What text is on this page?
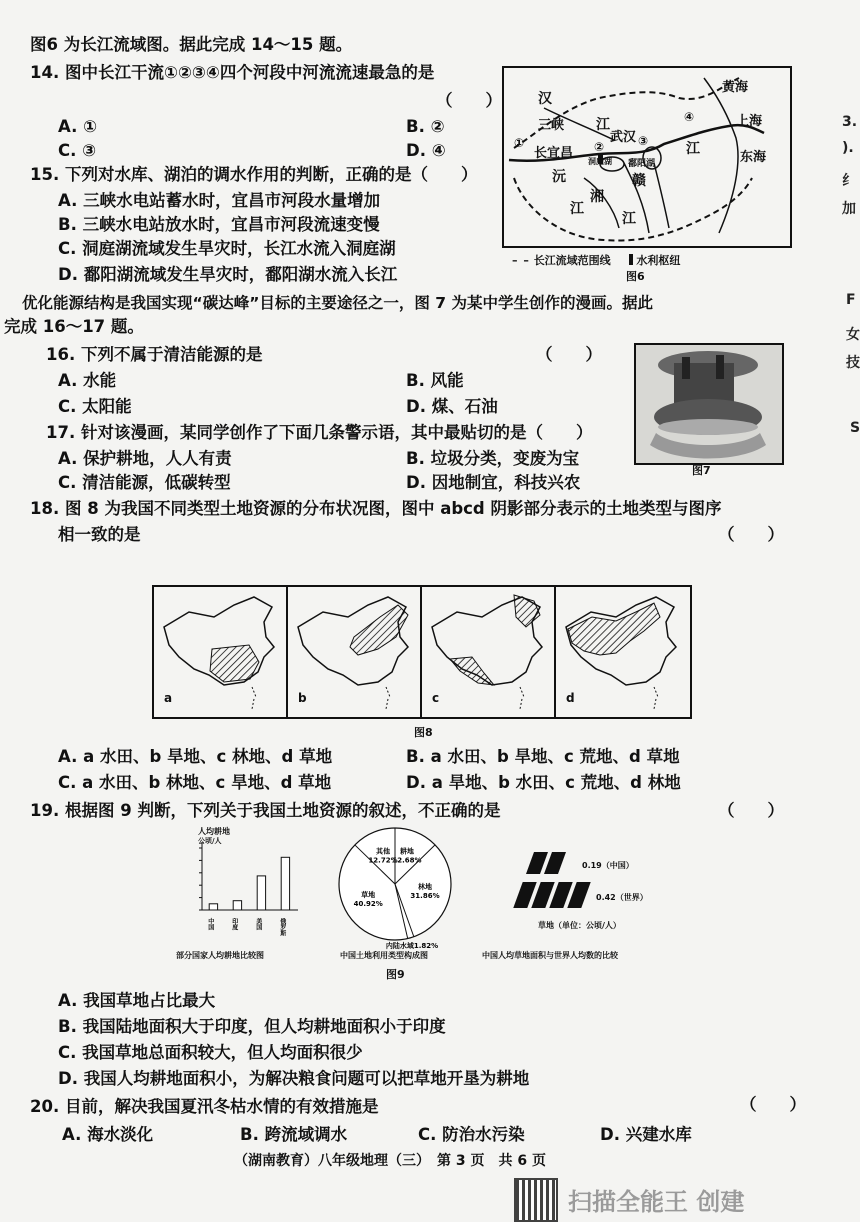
图6 为长江流域图。据此完成 14～15 题。
14. 图中长江干流①②③④四个河段中河流流速最急的是
（　　）
A. ①	B. ②
C. ③	D. ④
15. 下列对水库、湖泊的调水作用的判断，正确的是（　　）
A. 三峡水电站蓄水时，宜昌市河段水量增加
B. 三峡水电站放水时，宜昌市河段流速变慢
C. 洞庭湖流域发生旱灾时，长江水流入洞庭湖
D. 鄱阳湖流域发生旱灾时，鄱阳湖水流入长江
汉
江
三峡
武汉
长宜昌
洞庭湖 鄱阳湖
沅
湘
江
赣
江
江
黄海
上海
东海
①	②	③
④
– – 长江流域范围线 水利枢纽
图6
优化能源结构是我国实现“碳达峰”目标的主要途径之一，图 7 为某中学生创作的漫画。据此
完成 16～17 题。
16. 下列不属于清洁能源的是	（　　）
A. 水能	B. 风能
C. 太阳能	D. 煤、石油
17. 针对该漫画，某同学创作了下面几条警示语，其中最贴切的是（　　）
A. 保护耕地，人人有责	B. 垃圾分类，变废为宝
C. 清洁能源，低碳转型	D. 因地制宜，科技兴农
图7
18. 图 8 为我国不同类型土地资源的分布状况图，图中 abcd 阴影部分表示的土地类型与图序
相一致的是	（　　）
a	b	c	d
图8
A. a 水田、b 旱地、c 林地、d 草地	B. a 水田、b 旱地、c 荒地、d 草地
C. a 水田、b 林地、c 旱地、d 草地	D. a 旱地、b 水田、c 荒地、d 林地
19. 根据图 9 判断，下列关于我国土地资源的叙述，不正确的是	（　　）
人均耕地
公顷/人
中国	印度	美国	俄罗斯
部分国家人均耕地比较图
其他
12.72%
耕地
12.68%
林地
31.86%
内陆水域1.82%
草地
40.92%
中国土地利用类型构成图
0.19（中国）
0.42（世界）
草地（单位：公顷/人）
中国人均草地面积与世界人均数的比较
图9
A. 我国草地占比最大
B. 我国陆地面积大于印度，但人均耕地面积小于印度
C. 我国草地总面积较大，但人均面积很少
D. 我国人均耕地面积小，为解决粮食问题可以把草地开垦为耕地
20. 目前，解决我国夏汛冬枯水情的有效措施是	（　　）
A. 海水淡化	B. 跨流域调水	C. 防治水污染	D. 兴建水库
（湖南教育）八年级地理（三）　第 3 页　共 6 页
扫描全能王 创建
3.
).
纟
加
F
女
技
S
